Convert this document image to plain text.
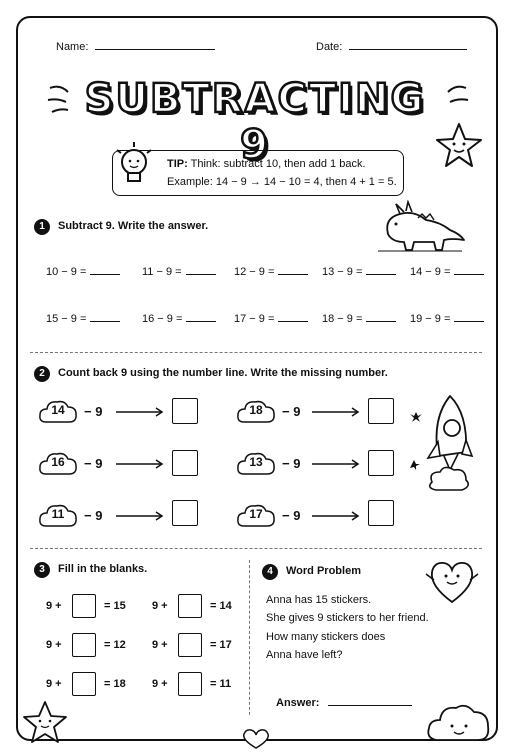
Name:	Date:
SUBTRACTING 9
TIP: Think: subtract 10, then add 1 back.
Example: 14 − 9 → 14 − 10 = 4, then 4 + 1 = 5.
1	Subtract 9. Write the answer.
10 − 9 =	11 − 9 =	12 − 9 =	13 − 9 =	14 − 9 =
15 − 9 =	16 − 9 =	17 − 9 =	18 − 9 =	19 − 9 =
2	Count back 9 using the number line. Write the missing number.
14	− 9	18	− 9
16	− 9	13	− 9
11	− 9	17	− 9
3	Fill in the blanks.
9 +	= 15 9 +	= 14
9 +	= 12 9 +	= 17
9 +	= 18 9 +	= 11
4	Word Problem
Anna has 15 stickers.
She gives 9 stickers to her friend.
How many stickers does
Anna have left?
Answer:
